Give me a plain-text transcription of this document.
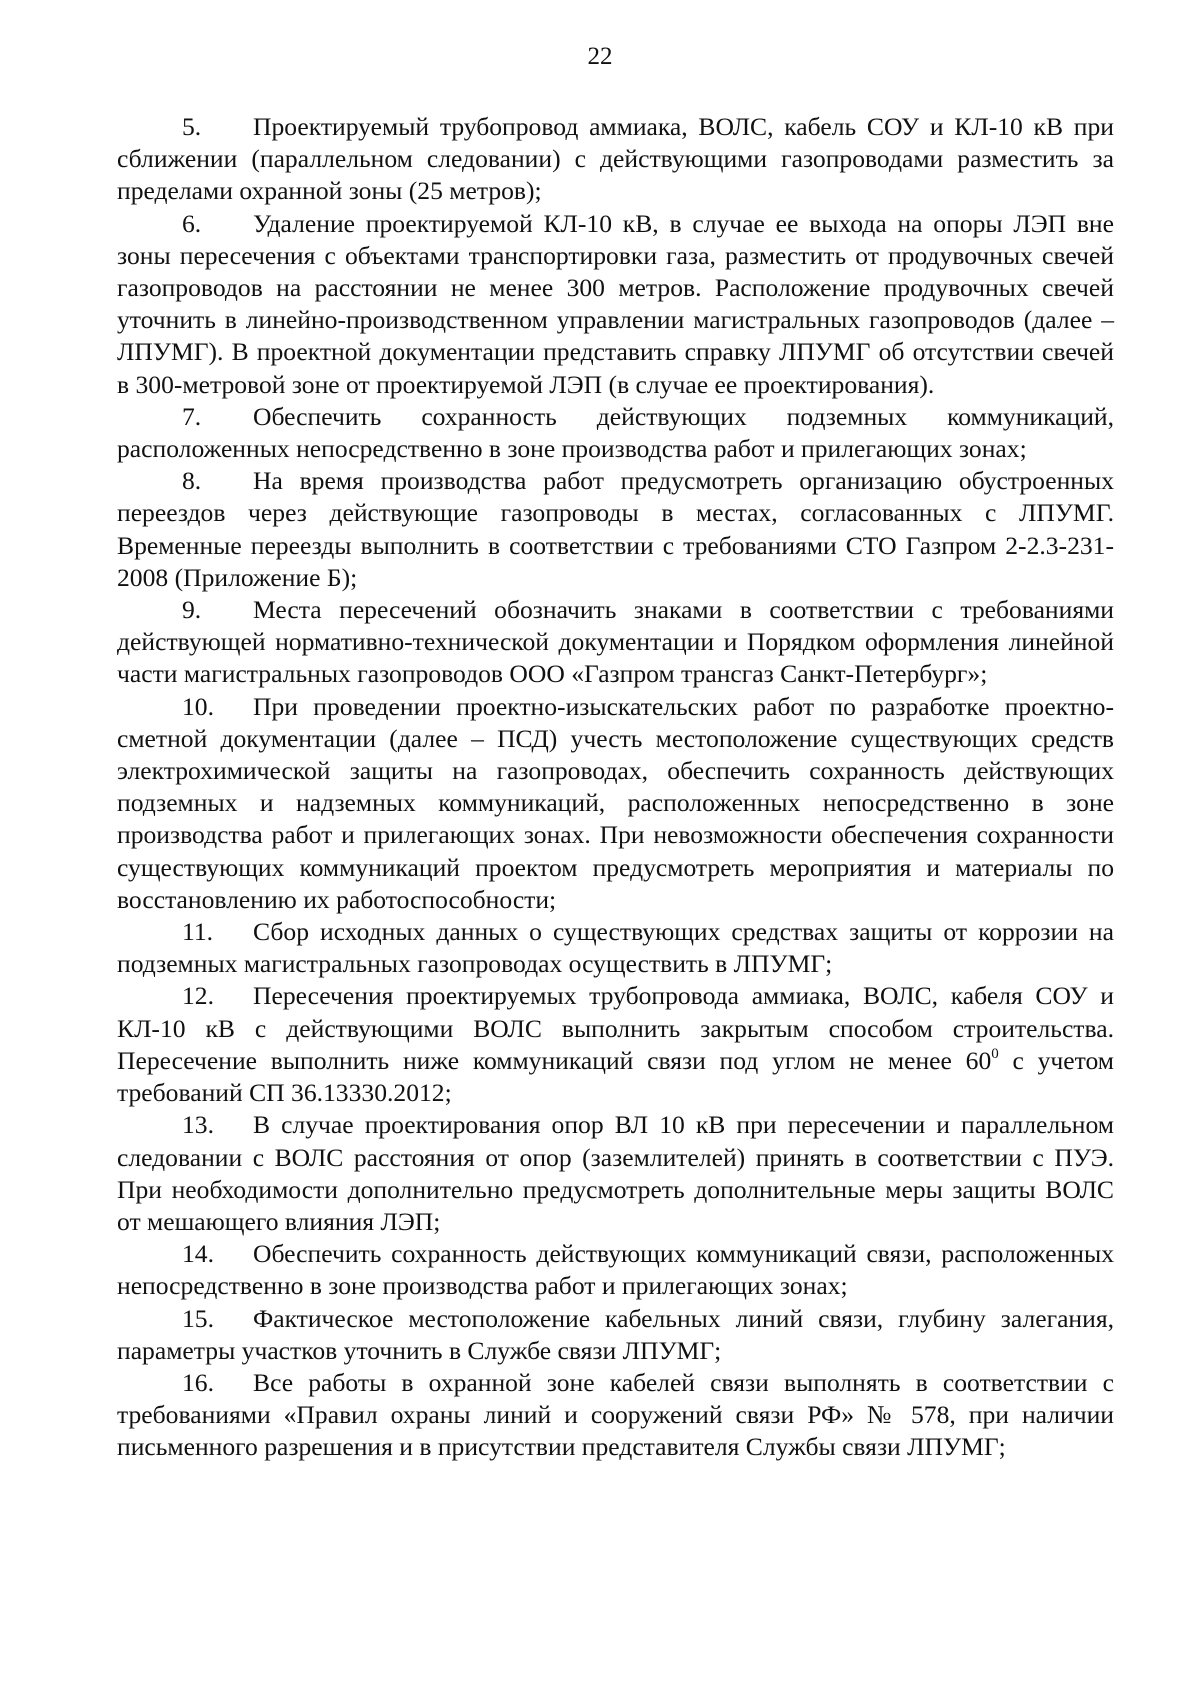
22

5. Проектируемый трубопровод аммиака, ВОЛС, кабель СОУ и КЛ-10 кВ при сближении (параллельном следовании) с действующими газопроводами разместить за пределами охранной зоны (25 метров);

6. Удаление проектируемой КЛ-10 кВ, в случае ее выхода на опоры ЛЭП вне зоны пересечения с объектами транспортировки газа, разместить от продувочных свечей газопроводов на расстоянии не менее 300 метров. Расположение продувочных свечей уточнить в линейно-производственном управлении магистральных газопроводов (далее – ЛПУМГ). В проектной документации представить справку ЛПУМГ об отсутствии свечей в 300-метровой зоне от проектируемой ЛЭП (в случае ее проектирования).

7. Обеспечить сохранность действующих подземных коммуникаций, расположенных непосредственно в зоне производства работ и прилегающих зонах;

8. На время производства работ предусмотреть организацию обустроенных переездов через действующие газопроводы в местах, согласованных с ЛПУМГ. Временные переезды выполнить в соответствии с требованиями СТО Газпром 2-2.3-231-2008 (Приложение Б);

9. Места пересечений обозначить знаками в соответствии с требованиями действующей нормативно-технической документации и Порядком оформления линейной части магистральных газопроводов ООО «Газпром трансгаз Санкт-Петербург»;

10. При проведении проектно-изыскательских работ по разработке проектно-сметной документации (далее – ПСД) учесть местоположение существующих средств электрохимической защиты на газопроводах, обеспечить сохранность действующих подземных и надземных коммуникаций, расположенных непосредственно в зоне производства работ и прилегающих зонах. При невозможности обеспечения сохранности существующих коммуникаций проектом предусмотреть мероприятия и материалы по восстановлению их работоспособности;

11. Сбор исходных данных о существующих средствах защиты от коррозии на подземных магистральных газопроводах осуществить в ЛПУМГ;

12. Пересечения проектируемых трубопровода аммиака, ВОЛС, кабеля СОУ и КЛ-10 кВ с действующими ВОЛС выполнить закрытым способом строительства. Пересечение выполнить ниже коммуникаций связи под углом не менее $60^0$ с учетом требований СП 36.13330.2012;

13. В случае проектирования опор ВЛ 10 кВ при пересечении и параллельном следовании с ВОЛС расстояния от опор (заземлителей) принять в соответствии с ПУЭ. При необходимости дополнительно предусмотреть дополнительные меры защиты ВОЛС от мешающего влияния ЛЭП;

14. Обеспечить сохранность действующих коммуникаций связи, расположенных непосредственно в зоне производства работ и прилегающих зонах;

15. Фактическое местоположение кабельных линий связи, глубину залегания, параметры участков уточнить в Службе связи ЛПУМГ;

16. Все работы в охранной зоне кабелей связи выполнять в соответствии с требованиями «Правил охраны линий и сооружений связи РФ» № 578, при наличии письменного разрешения и в присутствии представителя Службы связи ЛПУМГ;
